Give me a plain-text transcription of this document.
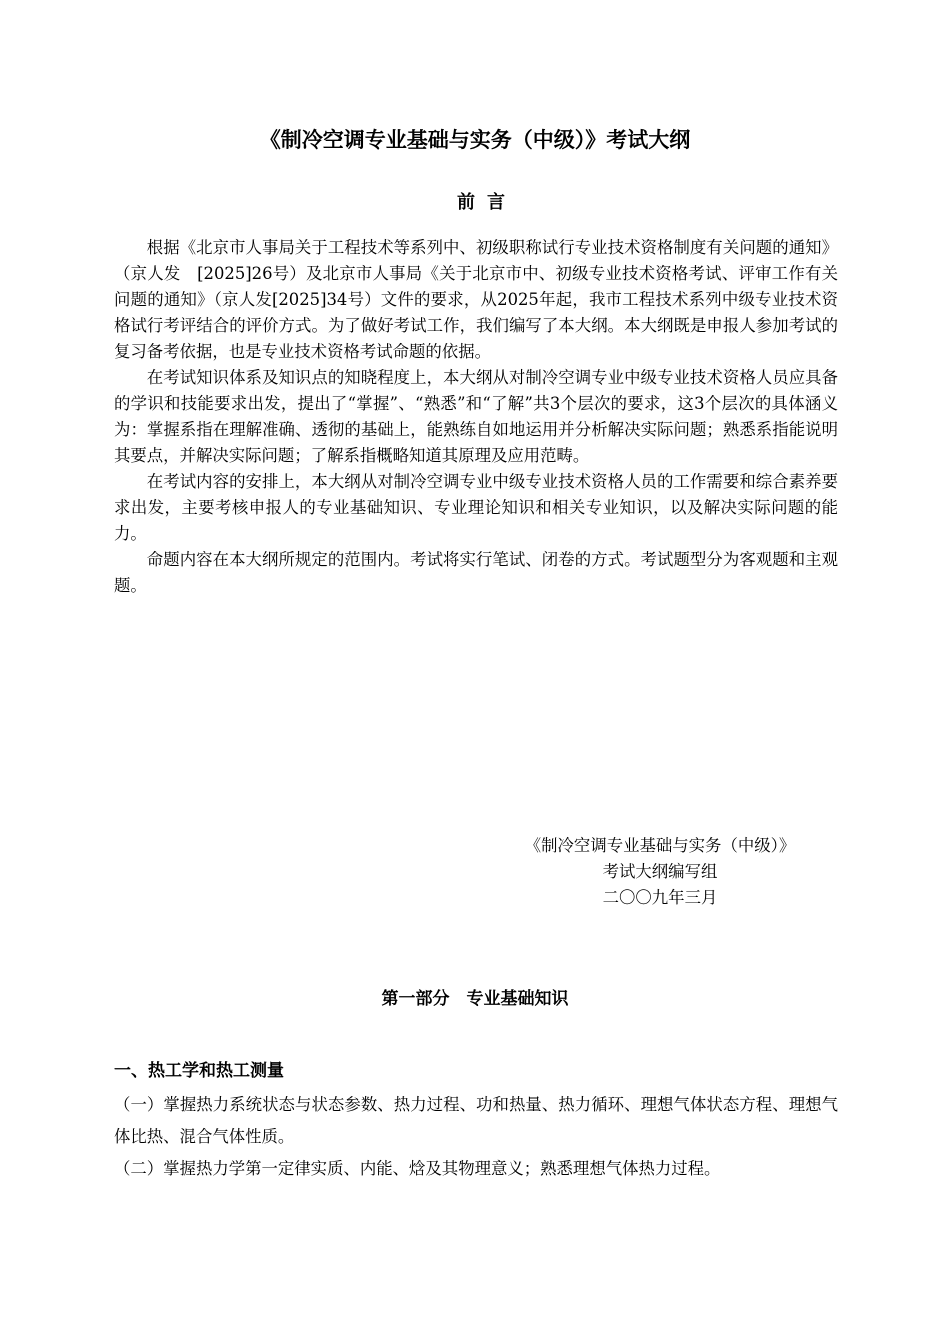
《制冷空调专业基础与实务（中级）》考试大纲
前言

根据《北京市人事局关于工程技术等系列中、初级职称试行专业技术资格制度有关问题的通知》（京人发　[2025]26号）及北京市人事局《关于北京市中、初级专业技术资格考试、评审工作有关问题的通知》（京人发[2025]34号）文件的要求，从2025年起，我市工程技术系列中级专业技术资格试行考评结合的评价方式。为了做好考试工作，我们编写了本大纲。本大纲既是申报人参加考试的复习备考依据，也是专业技术资格考试命题的依据。

在考试知识体系及知识点的知晓程度上，本大纲从对制冷空调专业中级专业技术资格人员应具备的学识和技能要求出发，提出了“掌握”、“熟悉”和“了解”共3个层次的要求，这3个层次的具体涵义为：掌握系指在理解准确、透彻的基础上，能熟练自如地运用并分析解决实际问题；熟悉系指能说明其要点，并解决实际问题；了解系指概略知道其原理及应用范畴。

在考试内容的安排上，本大纲从对制冷空调专业中级专业技术资格人员的工作需要和综合素养要求出发，主要考核申报人的专业基础知识、专业理论知识和相关专业知识，以及解决实际问题的能力。

命题内容在本大纲所规定的范围内。考试将实行笔试、闭卷的方式。考试题型分为客观题和主观题。

《制冷空调专业基础与实务（中级）》
考试大纲编写组
二〇〇九年三月
第一部分　专业基础知识
一、热工学和热工测量

（一）掌握热力系统状态与状态参数、热力过程、功和热量、热力循环、理想气体状态方程、理想气体比热、混合气体性质。

（二）掌握热力学第一定律实质、内能、焓及其物理意义；熟悉理想气体热力过程。
